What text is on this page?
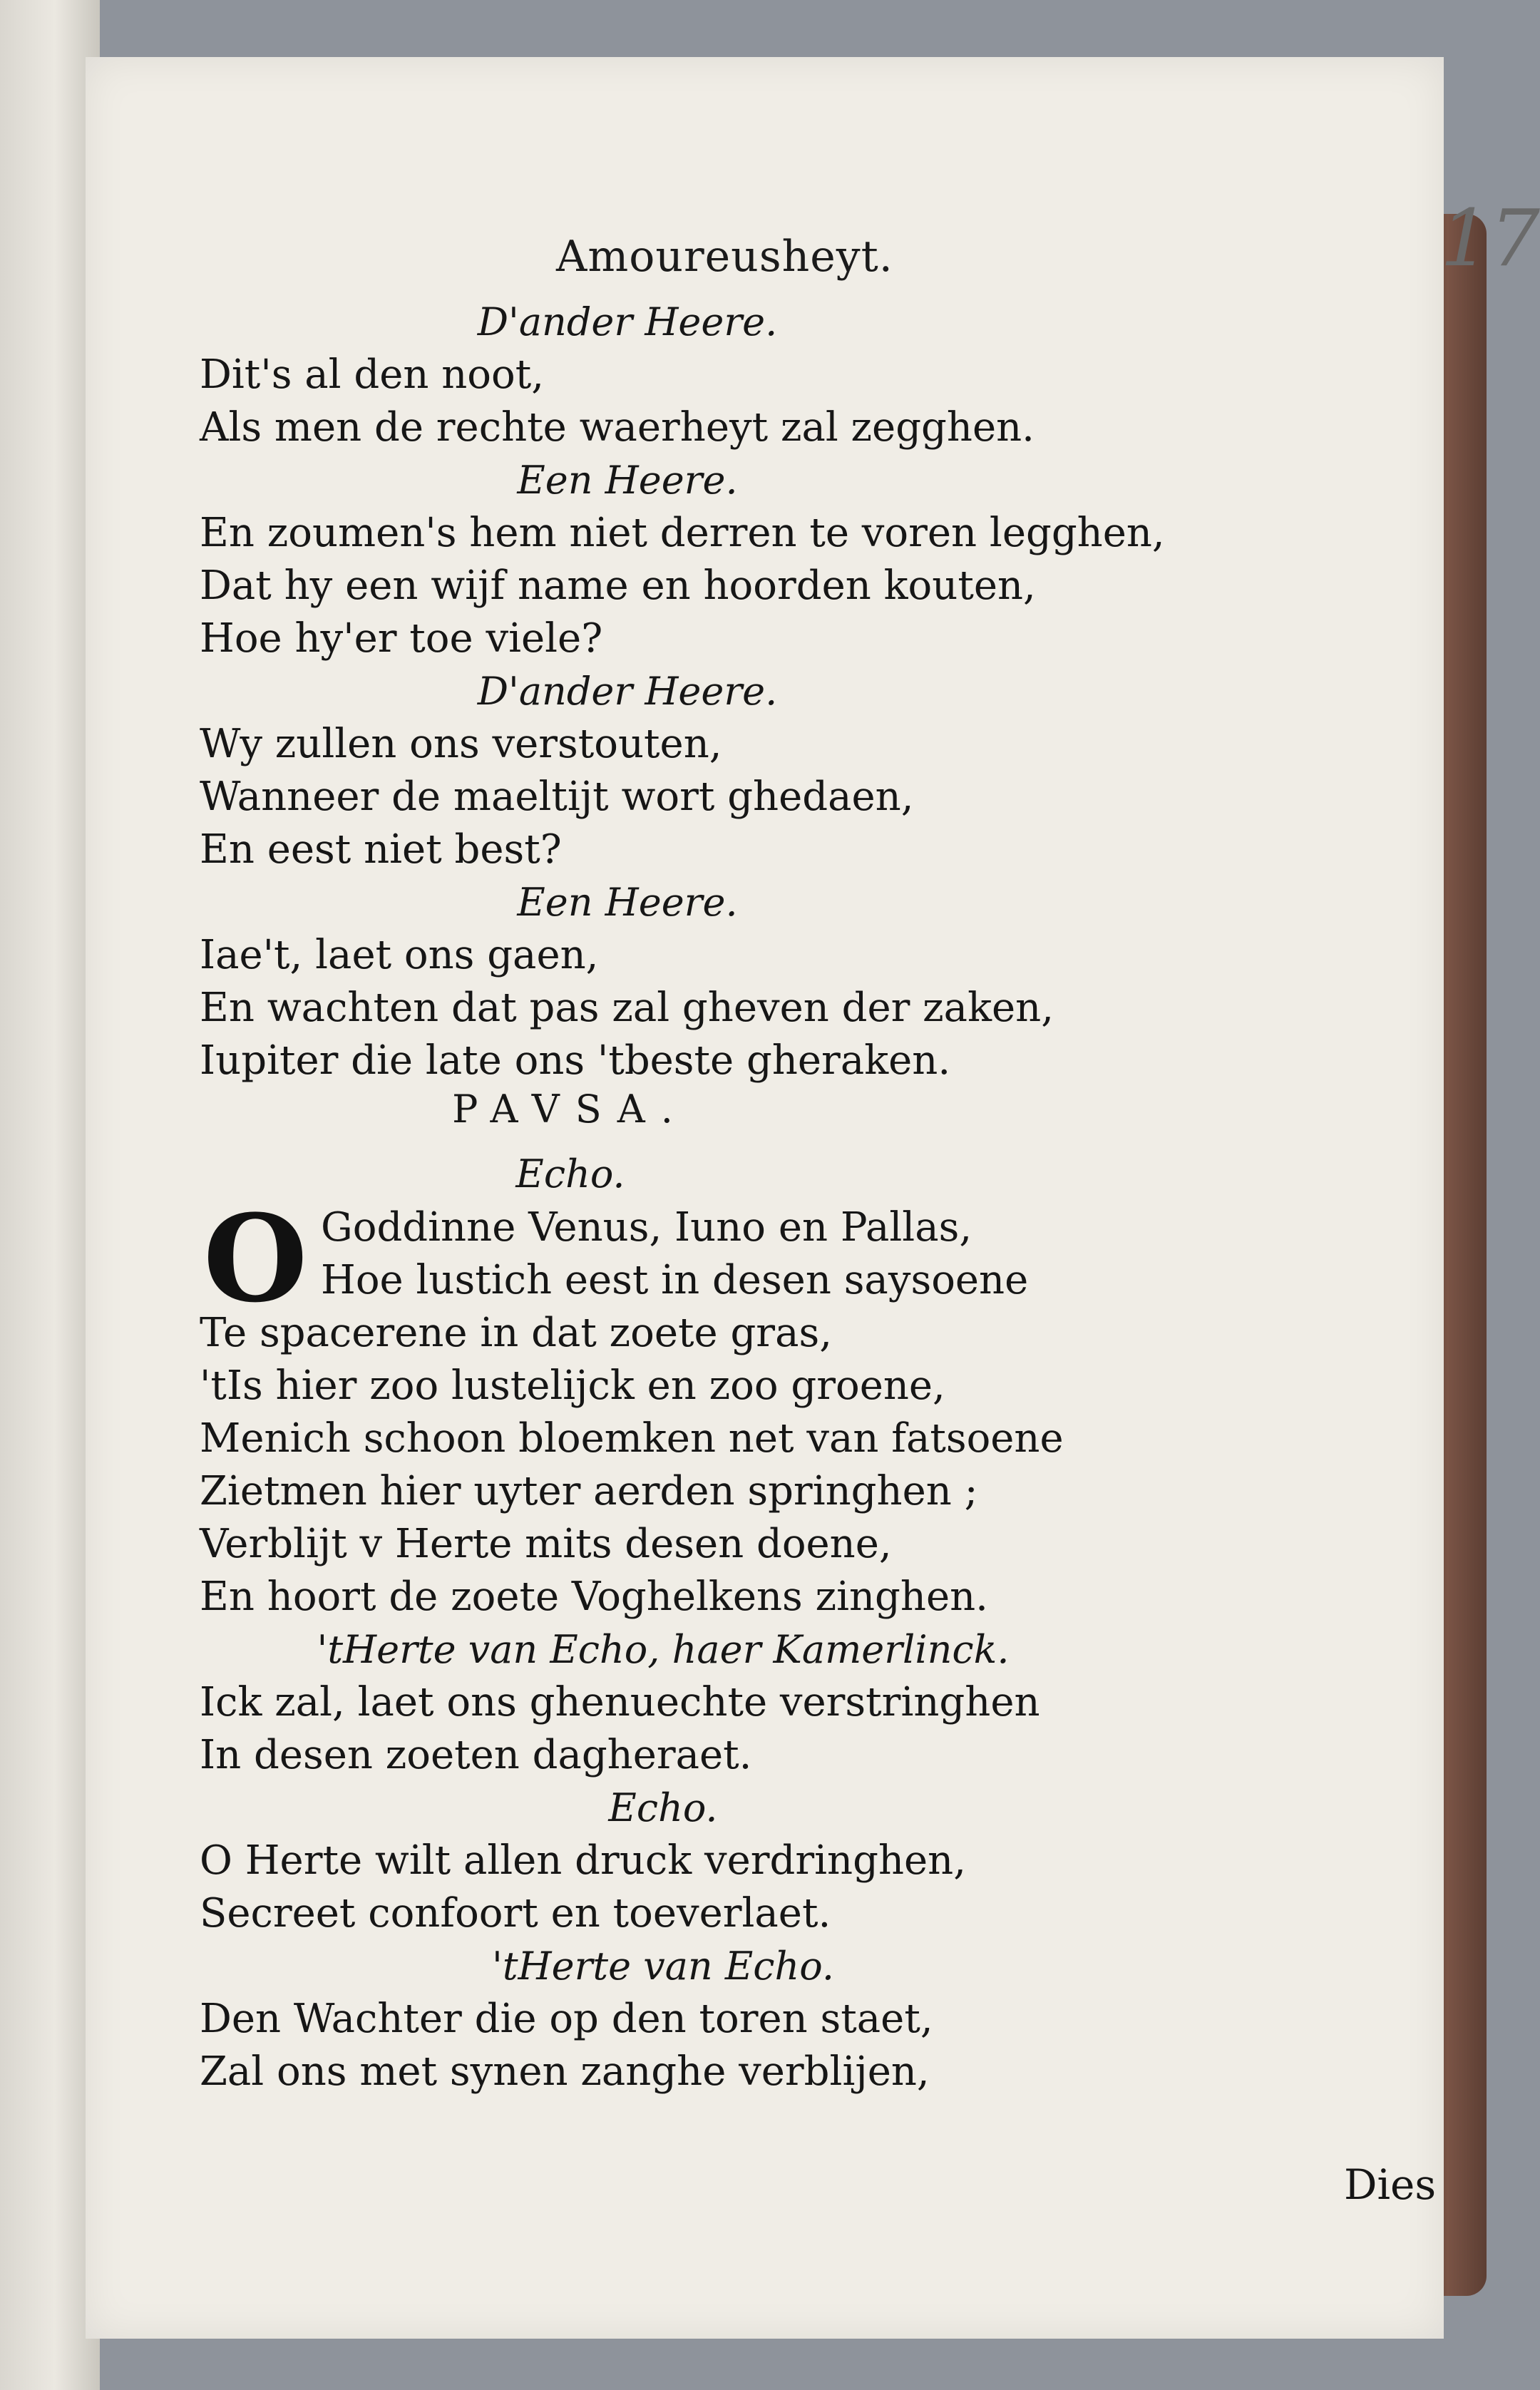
17
Amoureusheyt.
D'ander Heere.
Dit's al den noot,
Als men de rechte waerheyt zal zegghen.
Een Heere.
En zoumen's hem niet derren te voren legghen,
Dat hy een wijf name en hoorden kouten,
Hoe hy'er toe viele?
D'ander Heere.
Wy zullen ons verstouten,
Wanneer de maeltijt wort ghedaen,
En eest niet best?
Een Heere.
Iae't, laet ons gaen,
En wachten dat pas zal gheven der zaken,
Iupiter die late ons 'tbeste gheraken.
PAVSA.
Echo.
O Goddinne Venus, Iuno en Pallas,
Hoe lustich eest in desen saysoene
Te spacerene in dat zoete gras,
'tIs hier zoo lustelijck en zoo groene,
Menich schoon bloemken net van fatsoene
Zietmen hier uyter aerden springhen ;
Verblijt v Herte mits desen doene,
En hoort de zoete Voghelkens zinghen.
'tHerte van Echo, haer Kamerlinck.
Ick zal, laet ons ghenuechte verstringhen
In desen zoeten dagheraet.
Echo.
O Herte wilt allen druck verdringhen,
Secreet confoort en toeverlaet.
'tHerte van Echo.
Den Wachter die op den toren staet,
Zal ons met synen zanghe verblijen,
Dies
